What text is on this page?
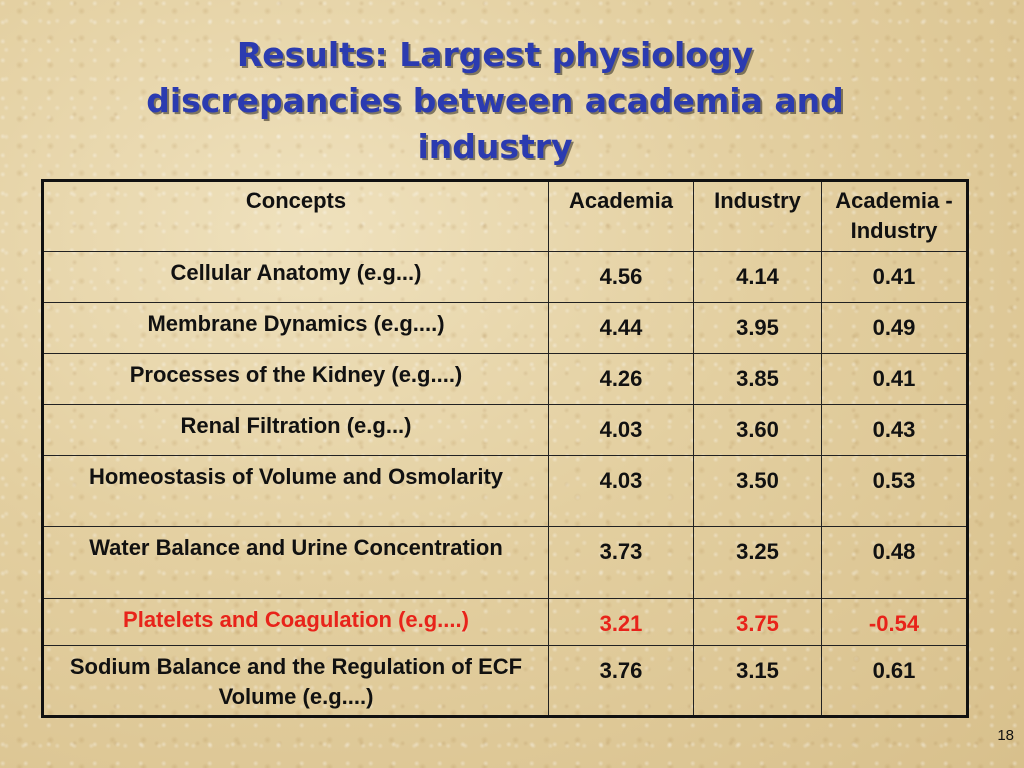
Results: Largest physiology
discrepancies between academia and
industry
Concepts	Academia	Industry	Academia - Industry
Cellular Anatomy (e.g...)	4.56	4.14	0.41
Membrane Dynamics (e.g....)	4.44	3.95	0.49
Processes of the Kidney (e.g....)	4.26	3.85	0.41
Renal Filtration (e.g...)	4.03	3.60	0.43
Homeostasis of Volume and Osmolarity	4.03	3.50	0.53
Water Balance and Urine Concentration	3.73	3.25	0.48
Platelets and Coagulation (e.g....)	3.21	3.75	-0.54
Sodium Balance and the Regulation of ECF Volume (e.g....)	3.76	3.15	0.61
18
